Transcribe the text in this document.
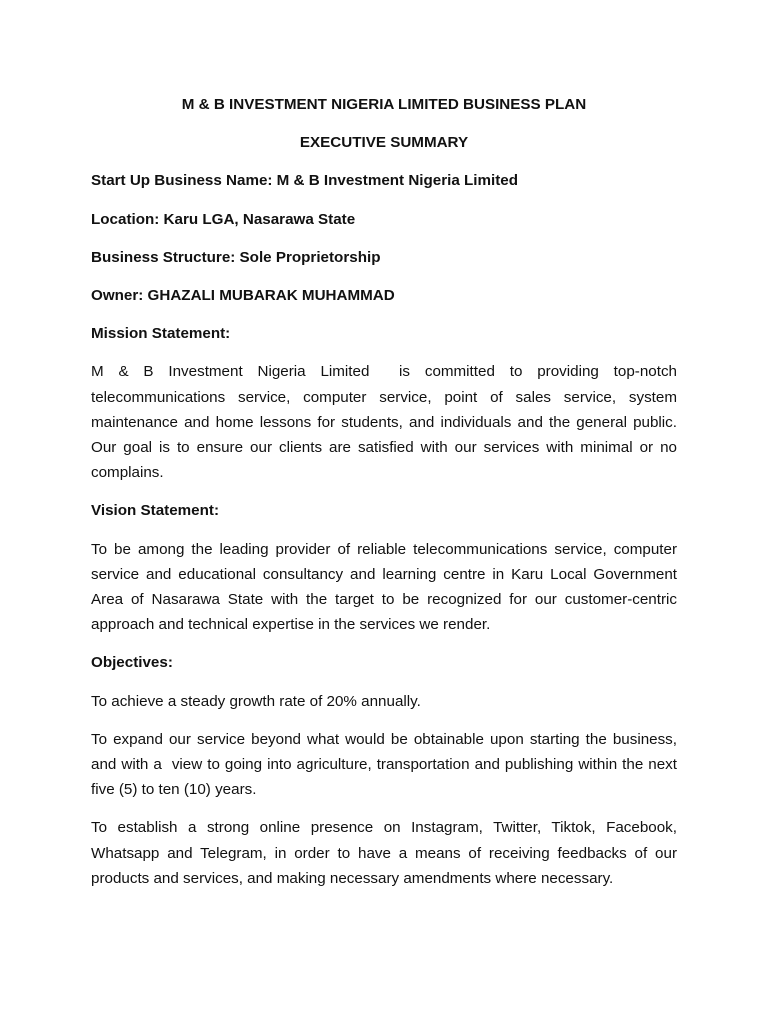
M & B INVESTMENT NIGERIA LIMITED BUSINESS PLAN

EXECUTIVE SUMMARY

Start Up Business Name: M & B Investment Nigeria Limited

Location: Karu LGA, Nasarawa State

Business Structure: Sole Proprietorship

Owner: GHAZALI MUBARAK MUHAMMAD

Mission Statement:

M & B Investment Nigeria Limited  is committed to providing top-notch telecommunications service, computer service, point of sales service, system maintenance and home lessons for students, and individuals and the general public. Our goal is to ensure our clients are satisfied with our services with minimal or no complains.

Vision Statement:

To be among the leading provider of reliable telecommunications service, computer service and educational consultancy and learning centre in Karu Local Government Area of Nasarawa State with the target to be recognized for our customer-centric approach and technical expertise in the services we render.

Objectives:

To achieve a steady growth rate of 20% annually.

To expand our service beyond what would be obtainable upon starting the business, and with a  view to going into agriculture, transportation and publishing within the next five (5) to ten (10) years.

To establish a strong online presence on Instagram, Twitter, Tiktok, Facebook, Whatsapp and Telegram, in order to have a means of receiving feedbacks of our products and services, and making necessary amendments where necessary.
